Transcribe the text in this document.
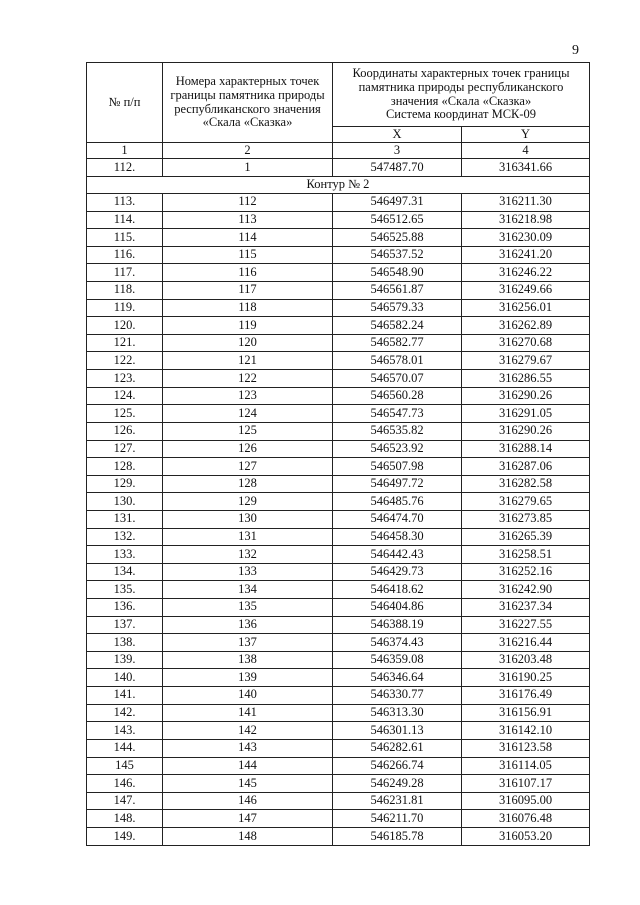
9
№ п/п	Номера характерных точек границы памятника природы республиканского значения «Скала «Сказка»	Координаты характерных точек границы памятника природы республиканского значения «Скала «Сказка»
Система координат МСК-09	
		X	Y
1	2	3	4
112.	1	547487.70	316341.66
Контур № 2			
113.	112	546497.31	316211.30
114.	113	546512.65	316218.98
115.	114	546525.88	316230.09
116.	115	546537.52	316241.20
117.	116	546548.90	316246.22
118.	117	546561.87	316249.66
119.	118	546579.33	316256.01
120.	119	546582.24	316262.89
121.	120	546582.77	316270.68
122.	121	546578.01	316279.67
123.	122	546570.07	316286.55
124.	123	546560.28	316290.26
125.	124	546547.73	316291.05
126.	125	546535.82	316290.26
127.	126	546523.92	316288.14
128.	127	546507.98	316287.06
129.	128	546497.72	316282.58
130.	129	546485.76	316279.65
131.	130	546474.70	316273.85
132.	131	546458.30	316265.39
133.	132	546442.43	316258.51
134.	133	546429.73	316252.16
135.	134	546418.62	316242.90
136.	135	546404.86	316237.34
137.	136	546388.19	316227.55
138.	137	546374.43	316216.44
139.	138	546359.08	316203.48
140.	139	546346.64	316190.25
141.	140	546330.77	316176.49
142.	141	546313.30	316156.91
143.	142	546301.13	316142.10
144.	143	546282.61	316123.58
145	144	546266.74	316114.05
146.	145	546249.28	316107.17
147.	146	546231.81	316095.00
148.	147	546211.70	316076.48
149.	148	546185.78	316053.20
